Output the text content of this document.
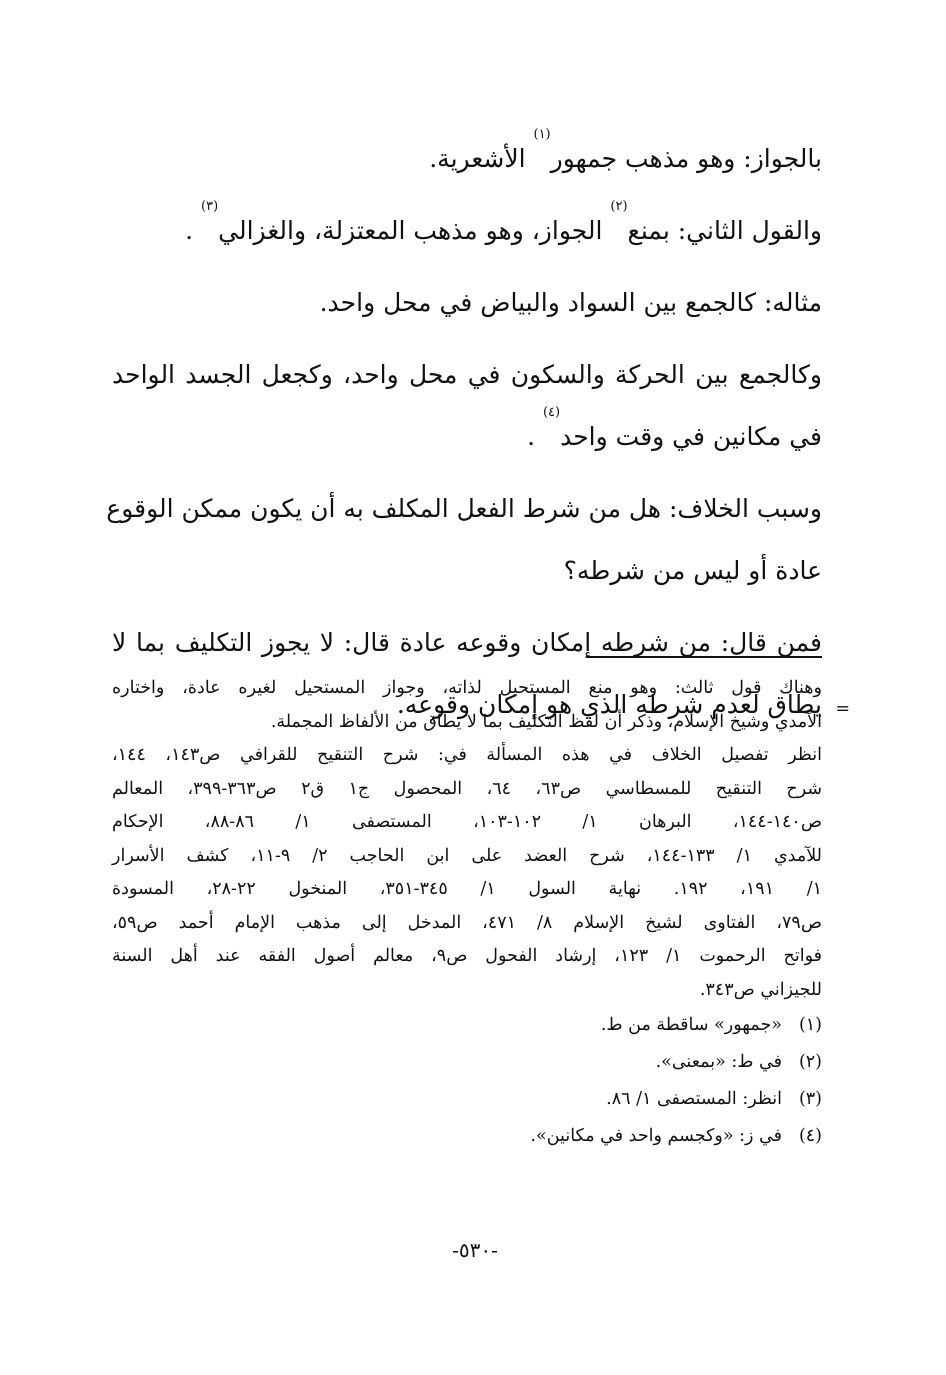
بالجواز: وهو مذهب جمهور$^{(١)}$ الأشعرية.
والقول الثاني: بمنع$^{(٢)}$ الجواز، وهو مذهب المعتزلة، والغزالي$^{(٣)}$ .
مثاله: كالجمع بين السواد والبياض في محل واحد.
وكالجمع بين الحركة والسكون في محل واحد، وكجعل الجسد الواحد
في مكانين في وقت واحد$^{(٤)}$ .
وسبب الخلاف: هل من شرط الفعل المكلف به أن يكون ممكن الوقوع
عادة أو ليس من شرطه؟
فمن قال: من شرطه إمكان وقوعه عادة قال: لا يجوز التكليف بما لا
يطاق لعدم شرطه الذي هو إمكان وقوعه. =
وهناك قول ثالث: وهو منع المستحيل لذاته، وجواز المستحيل لغيره عادة، واختاره
الآمدي وشيخ الإسلام، وذكر أن لفظ التكليف بما لا يطاق من الألفاظ المجملة.
انظر تفصيل الخلاف في هذه المسألة في: شرح التنقيح للقرافي ص١٤٣، ١٤٤،
شرح التنقيح للمسطاسي ص٦٣، ٦٤، المحصول ج١ ق٢ ص٣٦٣-٣٩٩، المعالم
ص١٤٠-١٤٤، البرهان ١/ ١٠٢-١٠٣، المستصفى ١/ ٨٦-٨٨، الإحكام
للآمدي ١/ ١٣٣-١٤٤، شرح العضد على ابن الحاجب ٢/ ٩-١١، كشف الأسرار
١/ ١٩١، ١٩٢. نهاية السول ١/ ٣٤٥-٣٥١، المنخول ٢٢-٢٨، المسودة
ص٧٩، الفتاوى لشيخ الإسلام ٨/ ٤٧١، المدخل إلى مذهب الإمام أحمد ص٥٩،
فواتح الرحموت ١/ ١٢٣، إرشاد الفحول ص٩، معالم أصول الفقه عند أهل السنة
للجيزاني ص٣٤٣.
(١)«جمهور» ساقطة من ط.
(٢)في ط: «بمعنى».
(٣)انظر: المستصفى ١/ ٨٦.
(٤)في ز: «وكجسم واحد في مكانين».
-٥٣٠-
